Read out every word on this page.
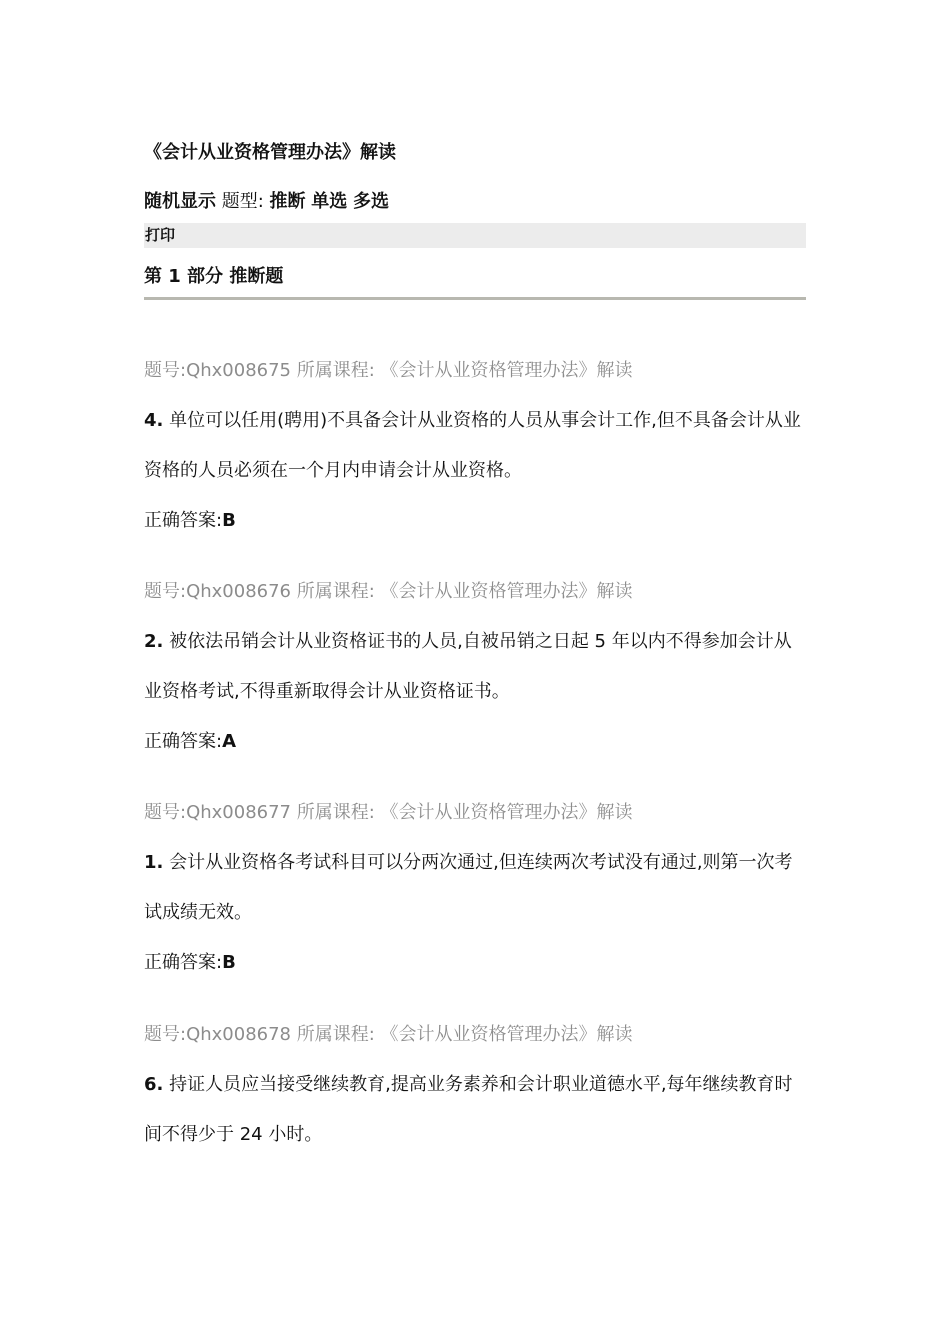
《会计从业资格管理办法》解读
随机显示 题型: 推断 单选 多选
打印
第 1 部分 推断题
题号:Qhx008675 所属课程: 《会计从业资格管理办法》解读
4. 单位可以任用(聘用)不具备会计从业资格的人员从事会计工作,但不具备会计从业资格的人员必须在一个月内申请会计从业资格。
正确答案:B
题号:Qhx008676 所属课程: 《会计从业资格管理办法》解读
2. 被依法吊销会计从业资格证书的人员,自被吊销之日起 5 年以内不得参加会计从业资格考试,不得重新取得会计从业资格证书。
正确答案:A
题号:Qhx008677 所属课程: 《会计从业资格管理办法》解读
1. 会计从业资格各考试科目可以分两次通过,但连续两次考试没有通过,则第一次考试成绩无效。
正确答案:B
题号:Qhx008678 所属课程: 《会计从业资格管理办法》解读
6. 持证人员应当接受继续教育,提高业务素养和会计职业道德水平,每年继续教育时间不得少于 24 小时。
